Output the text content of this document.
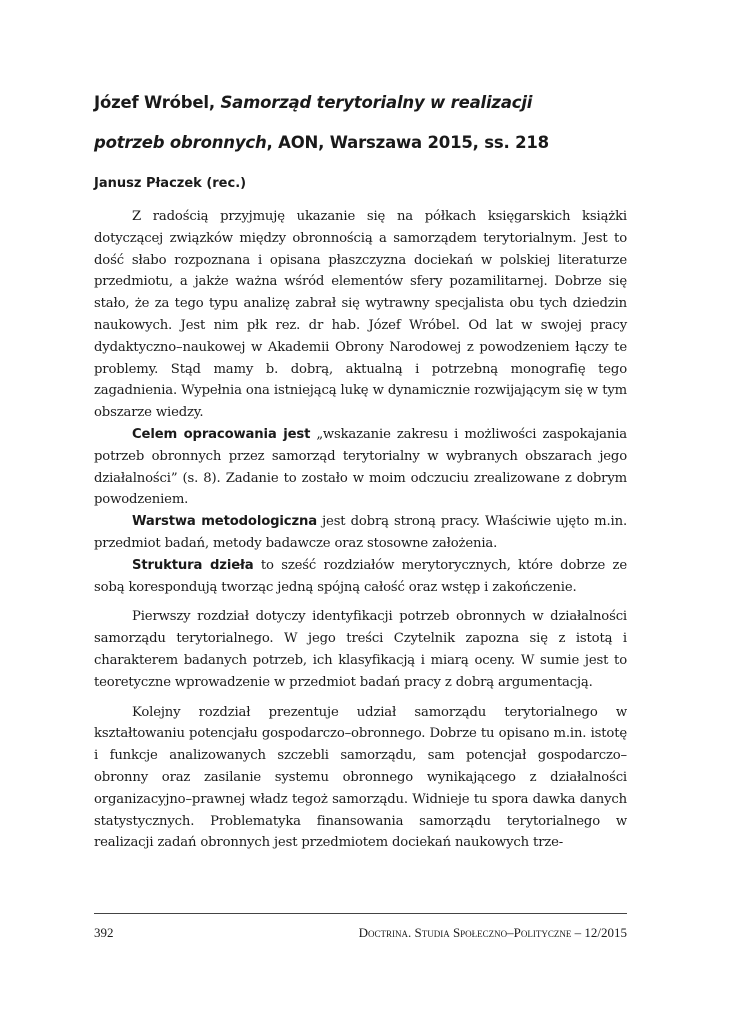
Józef Wróbel, Samorząd terytorialny w realizacji
potrzeb obronnych, AON, Warszawa 2015, ss. 218
Janusz Płaczek (rec.)

Z radością przyjmuję ukazanie się na półkach księgarskich książki dotyczącej związków między obronnością a samorządem terytorialnym. Jest to dość słabo rozpoznana i opisana płaszczyzna dociekań w polskiej literaturze przedmiotu, a jakże ważna wśród elementów sfery pozamilitarnej. Dobrze się stało, że za tego typu analizę zabrał się wytrawny specjalista obu tych dziedzin naukowych. Jest nim płk rez. dr hab. Józef Wróbel. Od lat w swojej pracy dydaktyczno–naukowej w Akademii Obrony Narodowej z powodzeniem łączy te problemy. Stąd mamy b. dobrą, aktualną i potrzebną monografię tego zagadnienia. Wypełnia ona istniejącą lukę w dynamicznie rozwijającym się w tym obszarze wiedzy.

Celem opracowania jest „wskazanie zakresu i możliwości zaspokajania potrzeb obronnych przez samorząd terytorialny w wybranych obszarach jego działalności” (s. 8). Zadanie to zostało w moim odczuciu zrealizowane z dobrym powodzeniem.

Warstwa metodologiczna jest dobrą stroną pracy. Właściwie ujęto m.in. przedmiot badań, metody badawcze oraz stosowne założenia.

Struktura dzieła to sześć rozdziałów merytorycznych, które dobrze ze sobą korespondują tworząc jedną spójną całość oraz wstęp i zakończenie.

Pierwszy rozdział dotyczy identyfikacji potrzeb obronnych w działalności samorządu terytorialnego. W jego treści Czytelnik zapozna się z istotą i charakterem badanych potrzeb, ich klasyfikacją i miarą oceny. W sumie jest to teoretyczne wprowadzenie w przedmiot badań pracy z dobrą argumentacją.

Kolejny rozdział prezentuje udział samorządu terytorialnego w kształtowaniu potencjału gospodarczo–obronnego. Dobrze tu opisano m.in. istotę i funkcje analizowanych szczebli samorządu, sam potencjał gospodarczo–obronny oraz zasilanie systemu obronnego wynikającego z działalności organizacyjno–prawnej władz tegoż samorządu. Widnieje tu spora dawka danych statystycznych. Problematyka finansowania samorządu terytorialnego w realizacji zadań obronnych jest przedmiotem dociekań naukowych trze-

392	Doctrina. Studia Społeczno–Polityczne – 12/2015
